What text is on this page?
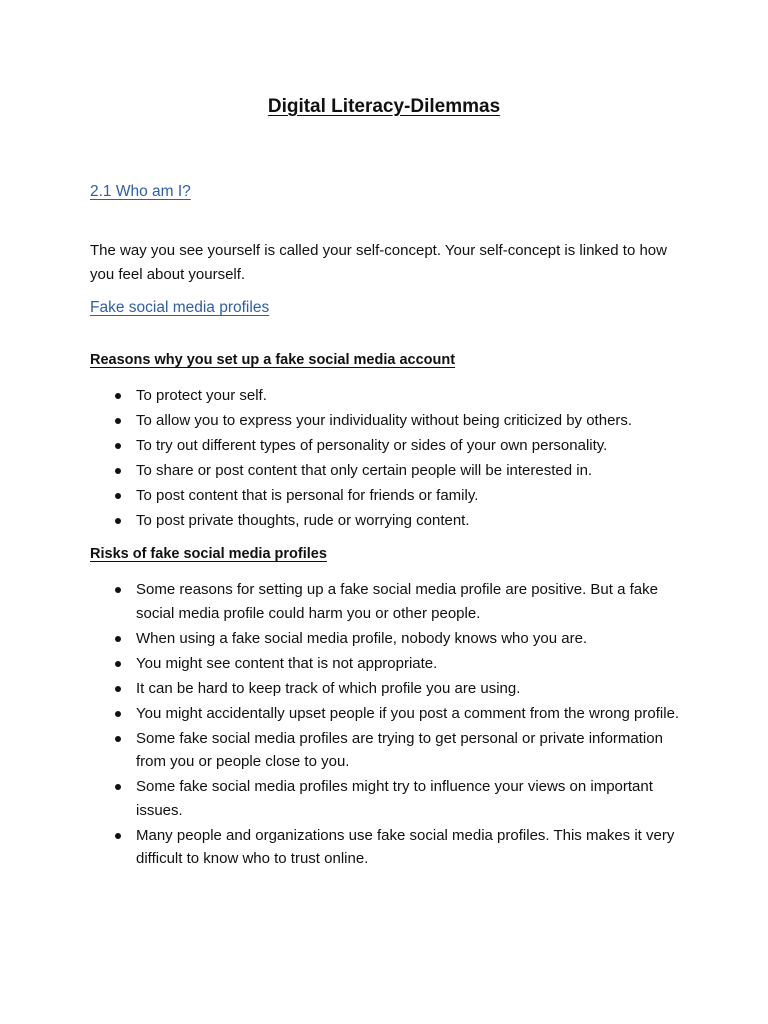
Digital Literacy-Dilemmas
2.1 Who am I?
The way you see yourself is called your self-concept. Your self-concept is linked to how you feel about yourself.
Fake social media profiles
Reasons why you set up a fake social media account
To protect your self.
To allow you to express your individuality without being criticized by others.
To try out different types of personality or sides of your own personality.
To share or post content that only certain people will be interested in.
To post content that is personal for friends or family.
To post private thoughts, rude or worrying content.
Risks of fake social media profiles
Some reasons for setting up a fake social media profile are positive. But a fake social media profile could harm you or other people.
When using a fake social media profile, nobody knows who you are.
You might see content that is not appropriate.
It can be hard to keep track of which profile you are using.
You might accidentally upset people if you post a comment from the wrong profile.
Some fake social media profiles are trying to get personal or private information from you or people close to you.
Some fake social media profiles might try to influence your views on important issues.
Many people and organizations use fake social media profiles. This makes it very difficult to know who to trust online.
